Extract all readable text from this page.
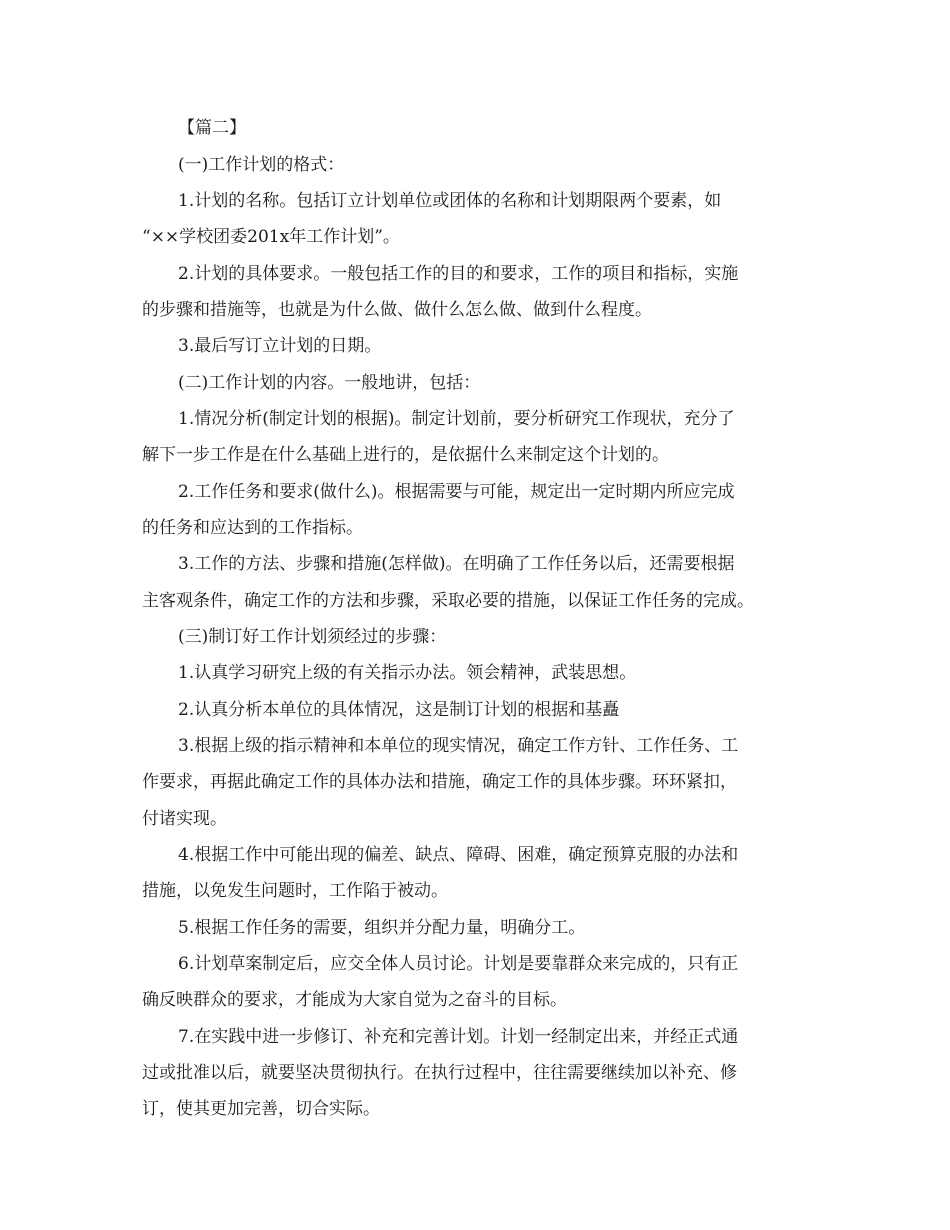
【篇二】
(一)工作计划的格式：
1.计划的名称。包括订立计划单位或团体的名称和计划期限两个要素，如
“××学校团委201x年工作计划”。
2.计划的具体要求。一般包括工作的目的和要求，工作的项目和指标，实施
的步骤和措施等，也就是为什么做、做什么怎么做、做到什么程度。
3.最后写订立计划的日期。
(二)工作计划的内容。一般地讲，包括：
1.情况分析(制定计划的根据)。制定计划前，要分析研究工作现状，充分了
解下一步工作是在什么基础上进行的，是依据什么来制定这个计划的。
2.工作任务和要求(做什么)。根据需要与可能，规定出一定时期内所应完成
的任务和应达到的工作指标。
3.工作的方法、步骤和措施(怎样做)。在明确了工作任务以后，还需要根据
主客观条件，确定工作的方法和步骤，采取必要的措施，以保证工作任务的完成。
(三)制订好工作计划须经过的步骤：
1.认真学习研究上级的有关指示办法。领会精神，武装思想。
2.认真分析本单位的具体情况，这是制订计划的根据和基矗
3.根据上级的指示精神和本单位的现实情况，确定工作方针、工作任务、工
作要求，再据此确定工作的具体办法和措施，确定工作的具体步骤。环环紧扣，
付诸实现。
4.根据工作中可能出现的偏差、缺点、障碍、困难，确定预算克服的办法和
措施，以免发生问题时，工作陷于被动。
5.根据工作任务的需要，组织并分配力量，明确分工。
6.计划草案制定后，应交全体人员讨论。计划是要靠群众来完成的，只有正
确反映群众的要求，才能成为大家自觉为之奋斗的目标。
7.在实践中进一步修订、补充和完善计划。计划一经制定出来，并经正式通
过或批准以后，就要坚决贯彻执行。在执行过程中，往往需要继续加以补充、修
订，使其更加完善，切合实际。
